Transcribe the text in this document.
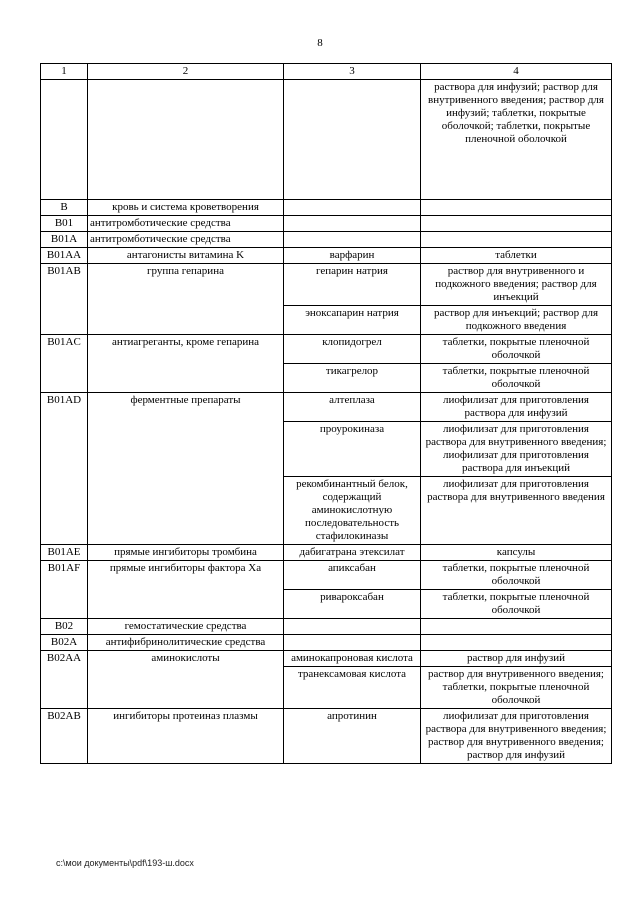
8
1	2	3	4
			раствора для инфузий; раствор для внутривенного введения; раствор для инфузий; таблетки, покрытые оболочкой; таблетки, покрытые пленочной оболочкой
B	кровь и система кроветворения		
B01	антитромботические средства		
B01A	антитромботические средства		
B01AA	антагонисты витамина K	варфарин	таблетки
B01AB	группа гепарина	гепарин натрия	раствор для внутривенного и подкожного введения; раствор для инъекций
		эноксапарин натрия	раствор для инъекций; раствор для подкожного введения
B01AC	антиагреганты, кроме гепарина	клопидогрел	таблетки, покрытые пленочной оболочкой
		тикагрелор	таблетки, покрытые пленочной оболочкой
B01AD	ферментные препараты	алтеплаза	лиофилизат для приготовления раствора для инфузий
		проурокиназа	лиофилизат для приготовления раствора для внутривенного введения; лиофилизат для приготовления раствора для инъекций
		рекомбинантный белок, содержащий аминокислотную последовательность стафилокиназы	лиофилизат для приготовления раствора для внутривенного введения
B01AE	прямые ингибиторы тромбина	дабигатрана этексилат	капсулы
B01AF	прямые ингибиторы фактора Xa	апиксабан	таблетки, покрытые пленочной оболочкой
		ривароксабан	таблетки, покрытые пленочной оболочкой
B02	гемостатические средства		
B02A	антифибринолитические средства		
B02AA	аминокислоты	аминокапроновая кислота	раствор для инфузий
		транексамовая кислота	раствор для внутривенного введения; таблетки, покрытые пленочной оболочкой
B02AB	ингибиторы протеиназ плазмы	апротинин	лиофилизат для приготовления раствора для внутривенного введения; раствор для внутривенного введения; раствор для инфузий
c:\мои документы\pdf\193-ш.docx
